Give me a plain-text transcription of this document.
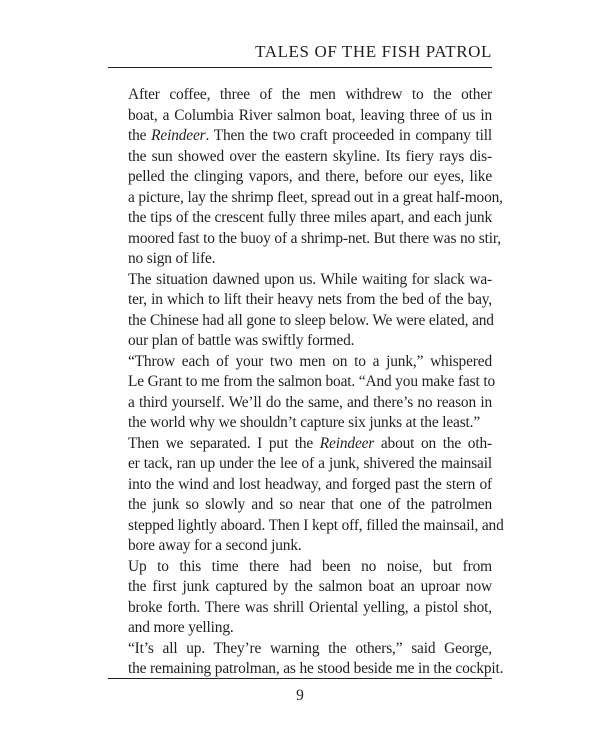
TALES OF THE FISH PATROL

After coffee, three of the men withdrew to the other
boat, a Columbia River salmon boat, leaving three of us in
the Reindeer. Then the two craft proceeded in company till
the sun showed over the eastern skyline. Its fiery rays dis-
pelled the clinging vapors, and there, before our eyes, like
a picture, lay the shrimp fleet, spread out in a great half-moon,
the tips of the crescent fully three miles apart, and each junk
moored fast to the buoy of a shrimp-net. But there was no stir,
no sign of life.

The situation dawned upon us. While waiting for slack wa-
ter, in which to lift their heavy nets from the bed of the bay,
the Chinese had all gone to sleep below. We were elated, and
our plan of battle was swiftly formed.

“Throw each of your two men on to a junk,” whispered
Le Grant to me from the salmon boat. “And you make fast to
a third yourself. We’ll do the same, and there’s no reason in
the world why we shouldn’t capture six junks at the least.”

Then we separated. I put the Reindeer about on the oth-
er tack, ran up under the lee of a junk, shivered the mainsail
into the wind and lost headway, and forged past the stern of
the junk so slowly and so near that one of the patrolmen
stepped lightly aboard. Then I kept off, filled the mainsail, and
bore away for a second junk.

Up to this time there had been no noise, but from
the first junk captured by the salmon boat an uproar now
broke forth. There was shrill Oriental yelling, a pistol shot,
and more yelling.

“It’s all up. They’re warning the others,” said George,
the remaining patrolman, as he stood beside me in the cockpit.

9
